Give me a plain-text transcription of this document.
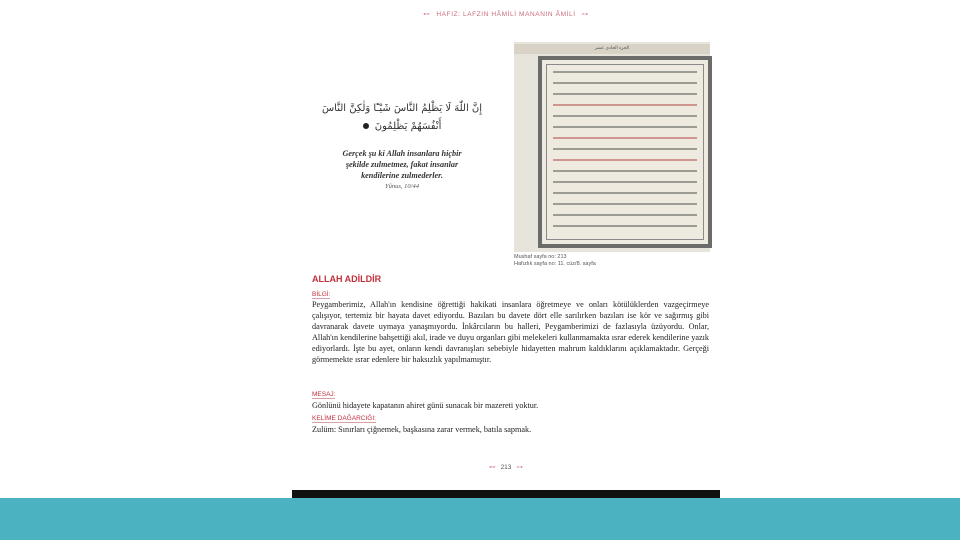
⊷ HAFIZ: LAFZIN HÂMİLİ MANANIN ÂMİLİ ⊶
إِنَّ اللّٰهَ لَا يَظْلِمُ النَّاسَ شَيْـًٔا وَلٰكِنَّ النَّاسَ
أَنْفُسَهُمْ يَظْلِمُونَ
Gerçek şu ki Allah insanlara hiçbir
şekilde zulmetmez, fakat insanlar
kendilerine zulmederler.
Yûnus, 10/44
الجزء الحادي عشر
Mushaf sayfa no: 213
Hafızlık sayfa no: 11. cüz/8. sayfa
ALLAH ADİLDİR
BİLGİ:
Peygamberimiz, Allah'ın kendisine öğrettiği hakikati insanlara öğretmeye ve onları kötülüklerden vazgeçirmeye çalışıyor, tertemiz bir hayata davet ediyordu. Bazıları bu davete dört elle sarılırken bazıları ise kör ve sağırmış gibi davranarak davete uymaya yanaşmıyordu. İnkârcıların bu halleri, Peygamberimizi de fazlasıyla üzüyordu. Onlar, Allah'ın kendilerine bahşettiği akıl, irade ve duyu organları gibi melekeleri kullanmamakta ısrar ederek kendilerine yazık ediyorlardı. İşte bu ayet, onların kendi davranışları sebebiyle hidayetten mahrum kaldıklarını açıklamaktadır. Gerçeği görmemekte ısrar edenlere bir haksızlık yapılmamıştır.
MESAJ:
Gönlünü hidayete kapatanın ahiret günü sunacak bir mazereti yoktur.
KELİME DAĞARCIĞI:
Zulüm: Sınırları çiğnemek, başkasına zarar vermek, batıla sapmak.
⊷ 213 ⊶
